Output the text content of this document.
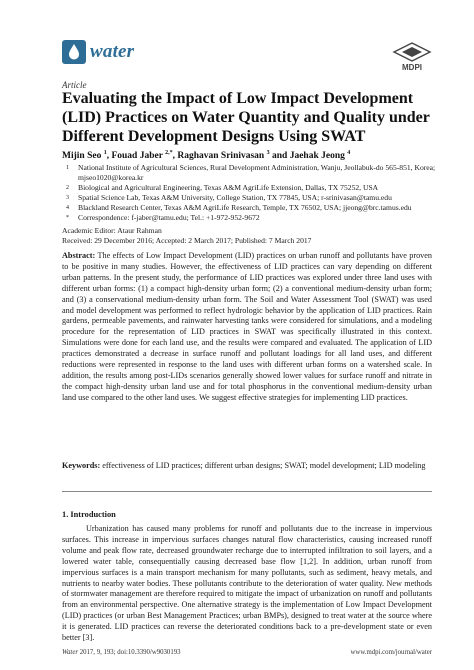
water
MDPI
Article
Evaluating the Impact of Low Impact Development (LID) Practices on Water Quantity and Quality under Different Development Designs Using SWAT
Mijin Seo $^1$, Fouad Jaber $^{2,*}$, Raghavan Srinivasan $^3$ and Jaehak Jeong $^4$
1 National Institute of Agricultural Sciences, Rural Development Administration, Wanju, Jeollabuk-do 565-851, Korea; mjseo1020@korea.kr
2 Biological and Agricultural Engineering, Texas A&M AgriLife Extension, Dallas, TX 75252, USA
3 Spatial Science Lab, Texas A&M University, College Station, TX 77845, USA; r-srinivasan@tamu.edu
4 Blackland Research Center, Texas A&M AgriLife Research, Temple, TX 76502, USA; jjeong@brc.tamus.edu
* Correspondence: f-jaber@tamu.edu; Tel.: +1-972-952-9672
Academic Editor: Ataur Rahman
Received: 29 December 2016; Accepted: 2 March 2017; Published: 7 March 2017
Abstract: The effects of Low Impact Development (LID) practices on urban runoff and pollutants have proven to be positive in many studies. However, the effectiveness of LID practices can vary depending on different urban patterns. In the present study, the performance of LID practices was explored under three land uses with different urban forms: (1) a compact high-density urban form; (2) a conventional medium-density urban form; and (3) a conservational medium-density urban form. The Soil and Water Assessment Tool (SWAT) was used and model development was performed to reflect hydrologic behavior by the application of LID practices. Rain gardens, permeable pavements, and rainwater harvesting tanks were considered for simulations, and a modeling procedure for the representation of LID practices in SWAT was specifically illustrated in this context. Simulations were done for each land use, and the results were compared and evaluated. The application of LID practices demonstrated a decrease in surface runoff and pollutant loadings for all land uses, and different reductions were represented in response to the land uses with different urban forms on a watershed scale. In addition, the results among post-LIDs scenarios generally showed lower values for surface runoff and nitrate in the compact high-density urban land use and for total phosphorus in the conventional medium-density urban land use compared to the other land uses. We suggest effective strategies for implementing LID practices.
Keywords: effectiveness of LID practices; different urban designs; SWAT; model development; LID modeling
1. Introduction
Urbanization has caused many problems for runoff and pollutants due to the increase in impervious surfaces. This increase in impervious surfaces changes natural flow characteristics, causing increased runoff volume and peak flow rate, decreased groundwater recharge due to interrupted infiltration to soil layers, and a lowered water table, consequentially causing decreased base flow [1,2]. In addition, urban runoff from impervious surfaces is a main transport mechanism for many pollutants, such as sediment, heavy metals, and nutrients to nearby water bodies. These pollutants contribute to the deterioration of water quality. New methods of stormwater management are therefore required to mitigate the impact of urbanization on runoff and pollutants from an environmental perspective. One alternative strategy is the implementation of Low Impact Development (LID) practices (or urban Best Management Practices; urban BMPs), designed to treat water at the source where it is generated. LID practices can reverse the deteriorated conditions back to a pre-development state or even better [3].
Water 2017, 9, 193; doi:10.3390/w9030193	www.mdpi.com/journal/water
